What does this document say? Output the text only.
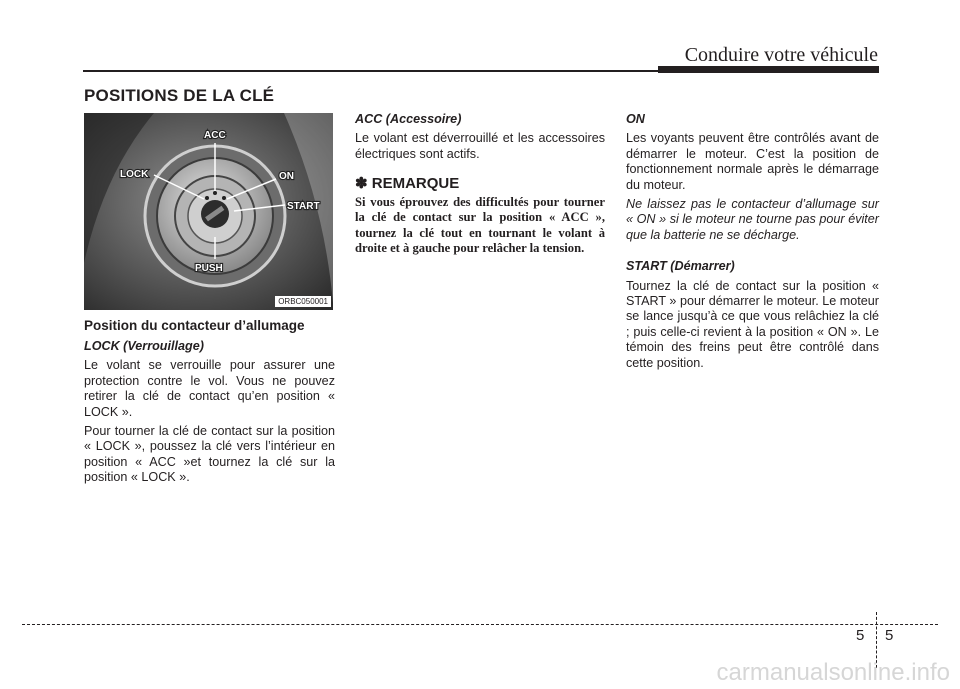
Conduire votre véhicule
POSITIONS DE LA CLÉ
ACC
LOCK	ON
START
PUSH
ORBC050001
Position du contacteur d’allumage

LOCK (Verrouillage)

Le volant se verrouille pour assurer une protection contre le vol. Vous ne pouvez retirer la clé de contact qu’en position « LOCK ».

Pour tourner la clé de contact sur la position « LOCK », poussez la clé vers l’intérieur en position « ACC »et tournez la clé sur la position « LOCK ».

ACC (Accessoire)

Le volant est déverrouillé et les accessoires électriques sont actifs.

✽ REMARQUE

Si vous éprouvez des difficultés pour tourner la clé de contact sur la position « ACC », tournez la clé tout en tournant le volant à droite et à gauche pour relâcher la tension.

ON

Les voyants peuvent être contrôlés avant de démarrer le moteur. C’est la position de fonctionnement normale après le démarrage du moteur.

Ne laissez pas le contacteur d’allumage sur « ON » si le moteur ne tourne pas pour éviter que la batterie ne se décharge.

START (Démarrer)

Tournez la clé de contact sur la position « START » pour démarrer le moteur. Le moteur se lance jusqu’à ce que vous relâchiez la clé ; puis celle-ci revient à la position « ON ». Le témoin des freins peut être contrôlé dans cette position.

5 5
carmanualsonline.info
